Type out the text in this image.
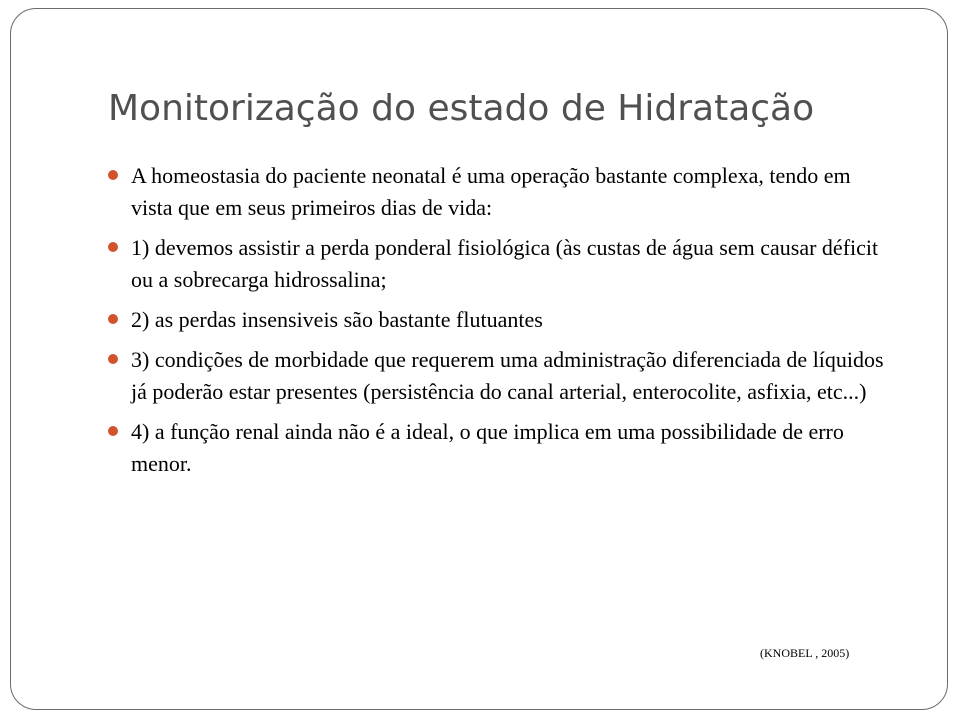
Monitorização do estado de Hidratação
A homeostasia do paciente neonatal é uma operação bastante complexa, tendo em vista que em seus primeiros dias de vida:
1) devemos assistir a perda ponderal fisiológica (às custas de água sem causar déficit ou a sobrecarga hidrossalina;
2) as perdas insensiveis são bastante flutuantes
3) condições de morbidade que requerem uma administração diferenciada de líquidos já poderão estar presentes (persistência do canal arterial, enterocolite, asfixia, etc...)
4) a função renal ainda não é a ideal, o que implica em uma possibilidade de erro menor.
(KNOBEL , 2005)
